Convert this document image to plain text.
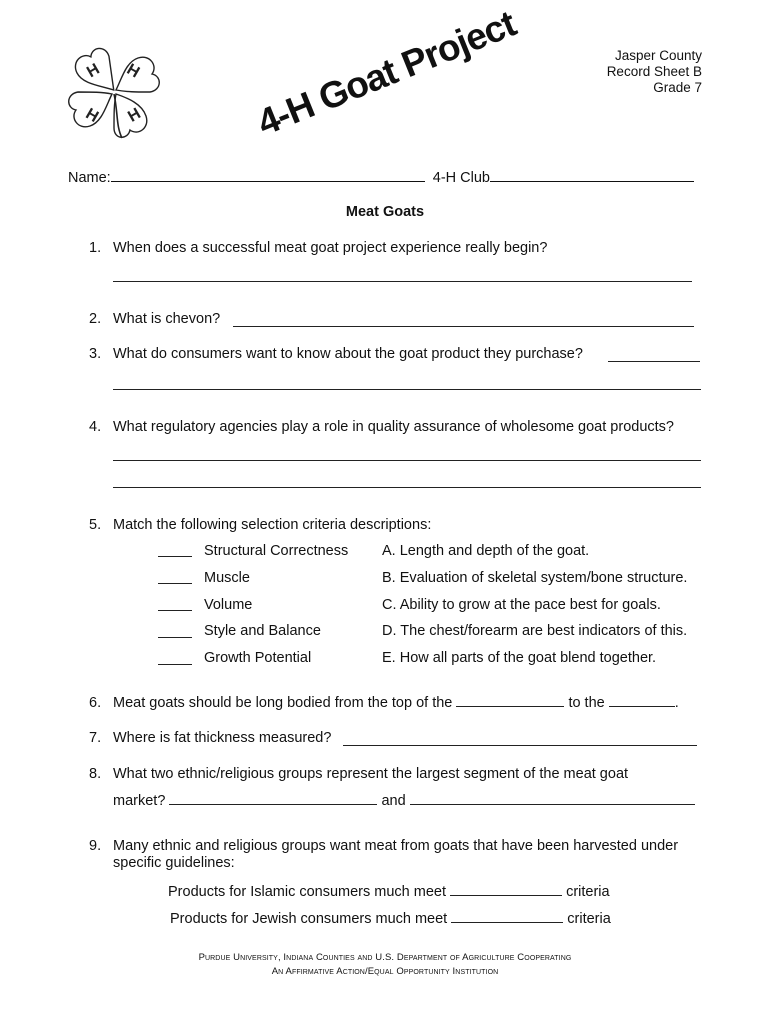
H H
H H	4-H Goat Project	Jasper County
Record Sheet B
Grade 7
Name:	4-H Club
Meat Goats
1. When does a successful meat goat project experience really begin?
2. What is chevon?
3. What do consumers want to know about the goat product they purchase?
4. What regulatory agencies play a role in quality assurance of wholesome goat products?
5. Match the following selection criteria descriptions:
Structural Correctness A. Length and depth of the goat.
Muscle	B. Evaluation of skeletal system/bone structure.
Volume	C. Ability to grow at the pace best for goals.
Style and Balance	D. The chest/forearm are best indicators of this.
Growth Potential	E. How all parts of the goat blend together.
6. Meat goats should be long bodied from the top of the	to the	.
7. Where is fat thickness measured?
8. What two ethnic/religious groups represent the largest segment of the meat goat
market?	and
9. Many ethnic and religious groups want meat from goats that have been harvested under
specific guidelines:
Products for Islamic consumers much meet	criteria
Products for Jewish consumers much meet	criteria
Purdue University, Indiana Counties and U.S. Department of Agriculture Cooperating
An Affirmative Action/Equal Opportunity Institution
